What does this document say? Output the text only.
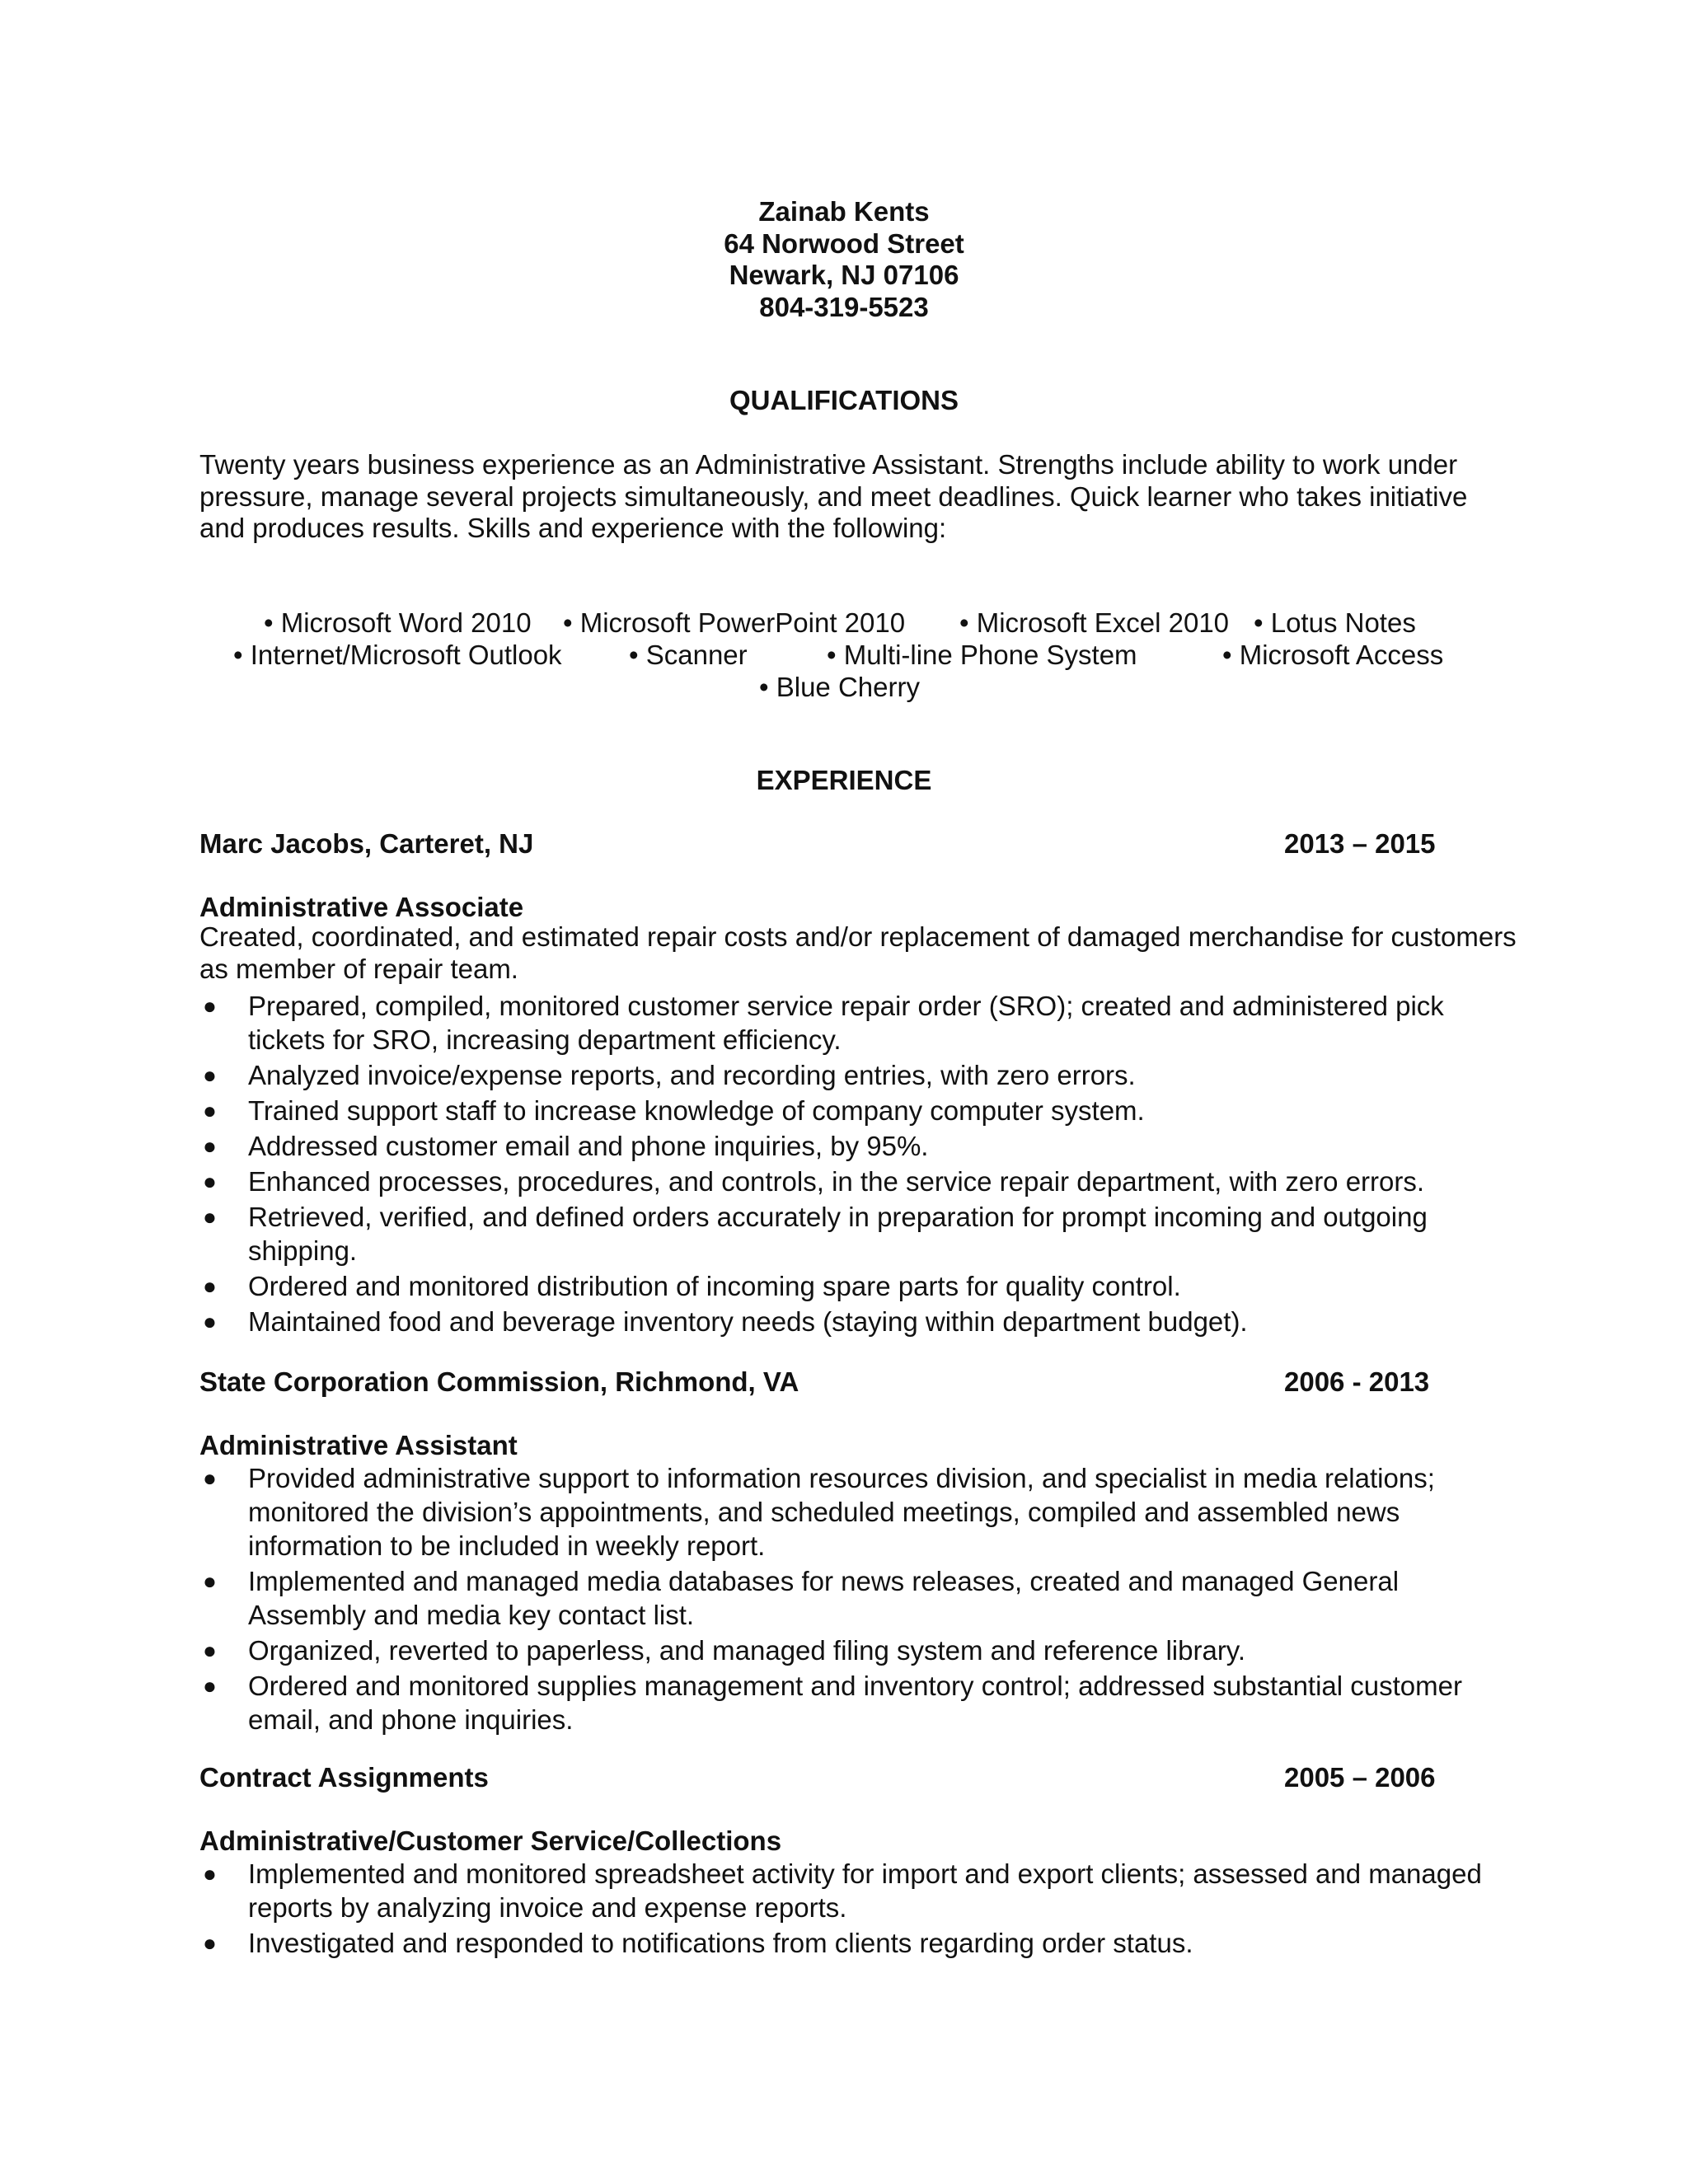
Zainab Kents
64 Norwood Street
Newark, NJ 07106
804-319-5523
QUALIFICATIONS
Twenty years business experience as an Administrative Assistant. Strengths include ability to work under pressure, manage several projects simultaneously, and meet deadlines. Quick learner who takes initiative and produces results. Skills and experience with the following:
• Microsoft Word 2010 • Microsoft PowerPoint 2010 • Microsoft Excel 2010 • Lotus Notes
• Internet/Microsoft Outlook • Scanner	• Multi-line Phone System	• Microsoft Access
• Blue Cherry
EXPERIENCE
Marc Jacobs, Carteret, NJ	2013 – 2015
Administrative Associate
Created, coordinated, and estimated repair costs and/or replacement of damaged merchandise for customers as member of repair team.
● Prepared, compiled, monitored customer service repair order (SRO); created and administered pick tickets for SRO, increasing department efficiency.
● Analyzed invoice/expense reports, and recording entries, with zero errors.
● Trained support staff to increase knowledge of company computer system.
● Addressed customer email and phone inquiries, by 95%.
● Enhanced processes, procedures, and controls, in the service repair department, with zero errors.
● Retrieved, verified, and defined orders accurately in preparation for prompt incoming and outgoing shipping.
● Ordered and monitored distribution of incoming spare parts for quality control.
● Maintained food and beverage inventory needs (staying within department budget).
State Corporation Commission, Richmond, VA	2006 - 2013
Administrative Assistant
● Provided administrative support to information resources division, and specialist in media relations; monitored the division’s appointments, and scheduled meetings, compiled and assembled news information to be included in weekly report.
● Implemented and managed media databases for news releases, created and managed General Assembly and media key contact list.
● Organized, reverted to paperless, and managed filing system and reference library.
● Ordered and monitored supplies management and inventory control; addressed substantial customer email, and phone inquiries.
Contract Assignments	2005 – 2006
Administrative/Customer Service/Collections
● Implemented and monitored spreadsheet activity for import and export clients; assessed and managed reports by analyzing invoice and expense reports.
● Investigated and responded to notifications from clients regarding order status.
